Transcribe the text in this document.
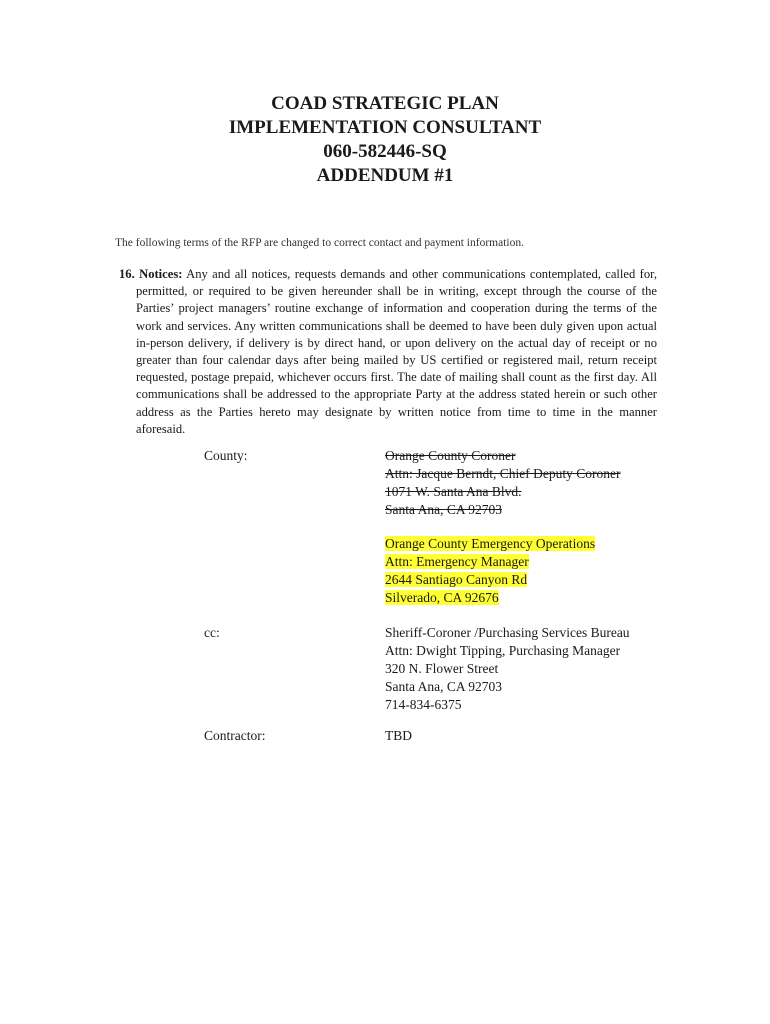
COAD STRATEGIC PLAN
IMPLEMENTATION CONSULTANT
060-582446-SQ
ADDENDUM #1
The following terms of the RFP are changed to correct contact and payment information.
16. Notices: Any and all notices, requests demands and other communications contemplated, called for, permitted, or required to be given hereunder shall be in writing, except through the course of the Parties’ project managers’ routine exchange of information and cooperation during the terms of the work and services. Any written communications shall be deemed to have been duly given upon actual in-person delivery, if delivery is by direct hand, or upon delivery on the actual day of receipt or no greater than four calendar days after being mailed by US certified or registered mail, return receipt requested, postage prepaid, whichever occurs first. The date of mailing shall count as the first day. All communications shall be addressed to the appropriate Party at the address stated herein or such other address as the Parties hereto may designate by written notice from time to time in the manner aforesaid.
County:	Orange County Coroner
Attn: Jacque Berndt, Chief Deputy Coroner
1071 W. Santa Ana Blvd.
Santa Ana, CA 92703
Orange County Emergency Operations
Attn: Emergency Manager
2644 Santiago Canyon Rd
Silverado, CA 92676
cc:	Sheriff-Coroner /Purchasing Services Bureau
Attn: Dwight Tipping, Purchasing Manager
320 N. Flower Street
Santa Ana, CA 92703
714-834-6375
Contractor:	TBD
